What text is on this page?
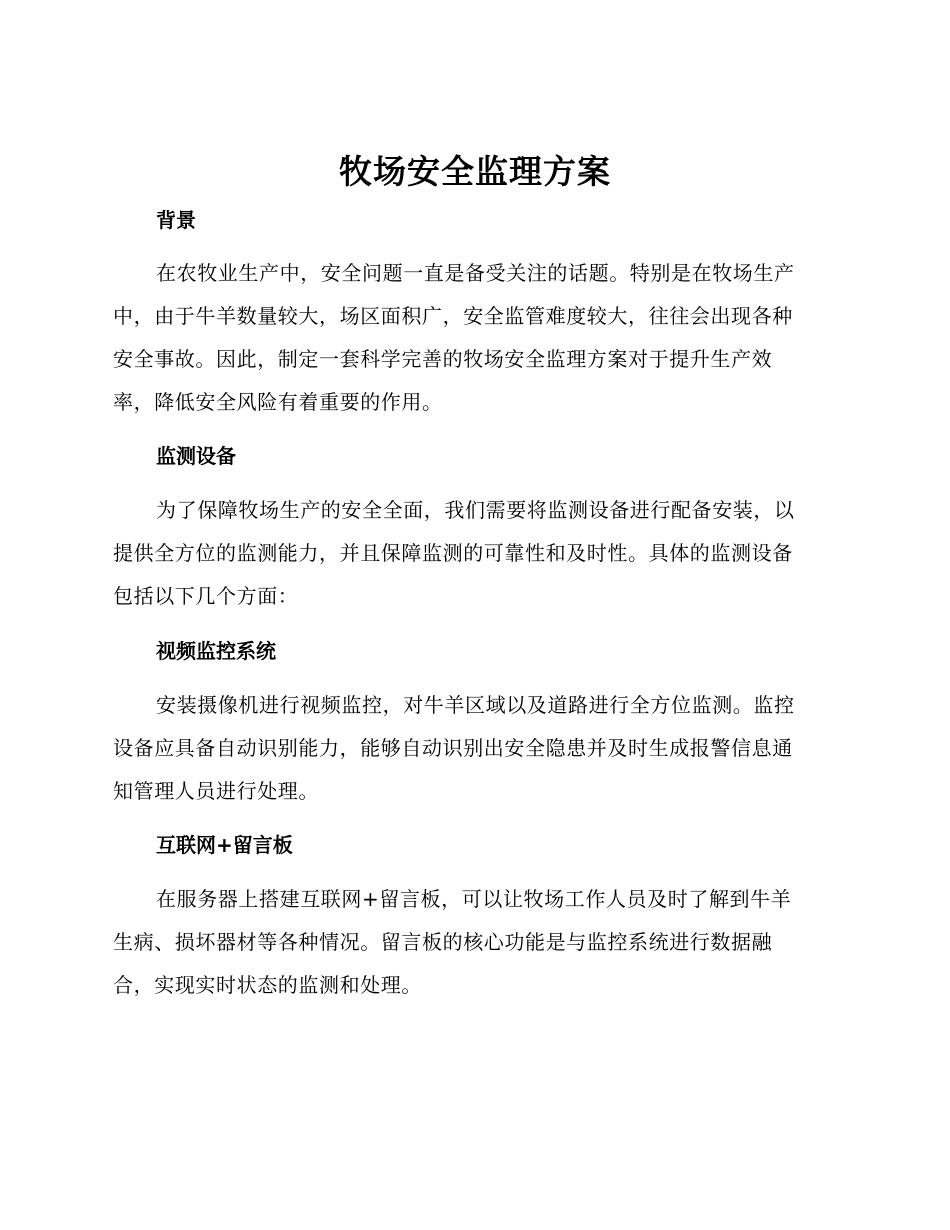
牧场安全监理方案
背景

在农牧业生产中，安全问题一直是备受关注的话题。特别是在牧场生产
中，由于牛羊数量较大，场区面积广，安全监管难度较大，往往会出现各种
安全事故。因此，制定一套科学完善的牧场安全监理方案对于提升生产效
率，降低安全风险有着重要的作用。

监测设备

为了保障牧场生产的安全全面，我们需要将监测设备进行配备安装，以
提供全方位的监测能力，并且保障监测的可靠性和及时性。具体的监测设备
包括以下几个方面：

视频监控系统

安装摄像机进行视频监控，对牛羊区域以及道路进行全方位监测。监控
设备应具备自动识别能力，能够自动识别出安全隐患并及时生成报警信息通
知管理人员进行处理。

互联网+留言板

在服务器上搭建互联网+留言板，可以让牧场工作人员及时了解到牛羊
生病、损坏器材等各种情况。留言板的核心功能是与监控系统进行数据融
合，实现实时状态的监测和处理。
